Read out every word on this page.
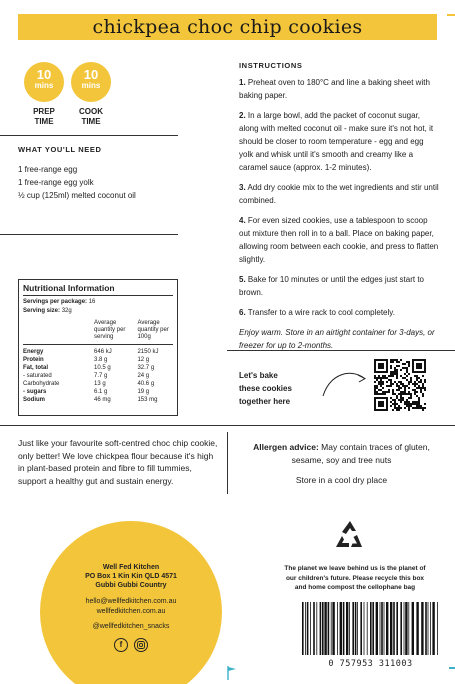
chickpea choc chip cookies
10
mins
10
mins
PREP
TIME
COOK
TIME
WHAT YOU'LL NEED
1 free-range egg
1 free-range egg yolk
½ cup (125ml) melted coconut oil
INSTRUCTIONS

1. Preheat oven to 180°C and line a baking sheet with baking paper.

2. In a large bowl, add the packet of coconut sugar, along with melted coconut oil - make sure it's not hot, it should be closer to room temperature - egg and egg yolk and whisk until it's smooth and creamy like a caramel sauce (approx. 1-2 minutes).

3. Add dry cookie mix to the wet ingredients and stir until combined.

4. For even sized cookies, use a tablespoon to scoop out mixture then roll in to a ball. Place on baking paper, allowing room between each cookie, and press to flatten slightly.

5. Bake for 10 minutes or until the edges just start to brown.

6. Transfer to a wire rack to cool completely.

Enjoy warm. Store in an airtight container for 3-days, or freezer for up to 2-months.

Nutritional Information
Servings per package: 16
Serving size: 32g
Average quantity per serving
Average quantity per 100g
Energy	646 kJ	2150 kJ
Protein	3.8 g	12 g
Fat, total	10.5 g	32.7 g
- saturated	7.7 g	24 g
Carbohydrate	13 g	40.6 g
- sugars	6.1 g	19 g
Sodium	46 mg	153 mg
Let's bake
these cookies
together here
Just like your favourite soft-centred choc chip cookie, only better! We love chickpea flour because it's high in plant-based protein and fibre to fill tummies, support a healthy gut and sustain energy.
Allergen advice: May contain traces of gluten, sesame, soy and tree nuts
Store in a cool dry place
Well Fed Kitchen
PO Box 1 Kin Kin QLD 4571
Gubbi Gubbi Country
hello@wellfedkitchen.com.au
wellfedkitchen.com.au
@wellfedkitchen_snacks
f
The planet we leave behind us is the planet of our children's future. Please recycle this box and home compost the cellophane bag
0 757953 311003
